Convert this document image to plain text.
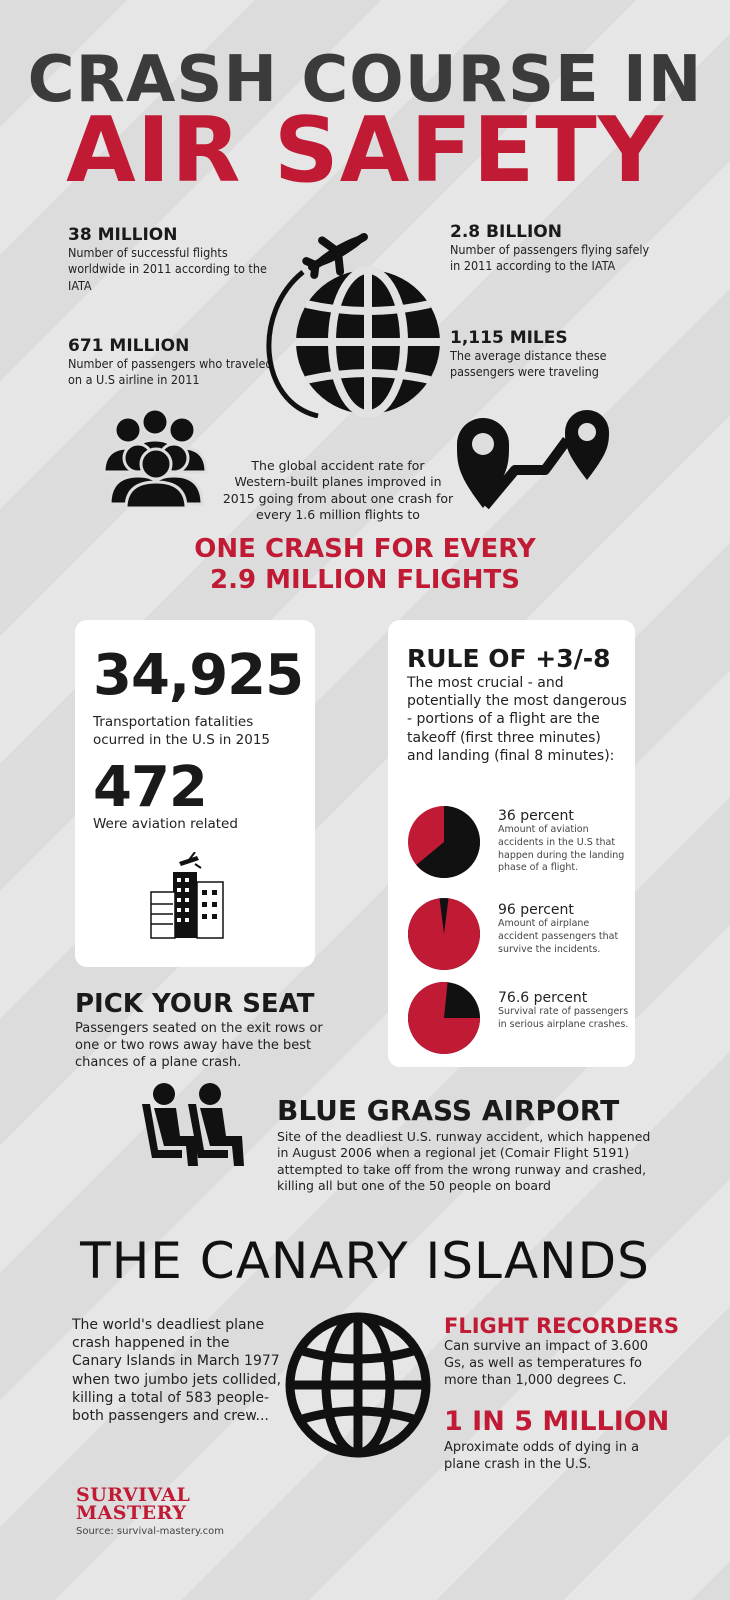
CRASH COURSE IN
AIR SAFETY
38 MILLION
Number of successful flights worldwide in 2011 according to the IATA
2.8 BILLION
Number of passengers flying safely in 2011 according to the IATA
671 MILLION
Number of passengers who traveled on a U.S airline in 2011
1,115 MILES
The average distance these passengers were traveling
The global accident rate for Western-built planes improved in 2015 going from about one crash for every 1.6 million flights to
ONE CRASH FOR EVERY
2.9 MILLION FLIGHTS
34,925
Transportation fatalities ocurred in the U.S in 2015
472
Were aviation related
RULE OF +3/-8
The most crucial - and potentially the most dangerous - portions of a flight are the takeoff (first three minutes) and landing (final 8 minutes):
36 percent
Amount of aviation accidents in the U.S that happen during the landing phase of a flight.
96 percent
Amount of airplane accident passengers that survive the incidents.
76.6 percent
Survival rate of passengers in serious airplane crashes.
PICK YOUR SEAT
Passengers seated on the exit rows or one or two rows away have the best chances of a plane crash.
BLUE GRASS AIRPORT
Site of the deadliest U.S. runway accident, which happened in August 2006 when a regional jet (Comair Flight 5191) attempted to take off from the wrong runway and crashed, killing all but one of the 50 people on board
THE CANARY ISLANDS
The world's deadliest plane crash happened in the Canary Islands in March 1977 when two jumbo jets collided, killing a total of 583 people-both passengers and crew...
FLIGHT RECORDERS
Can survive an impact of 3.600 Gs, as well as temperatures fo more than 1,000 degrees C.
1 IN 5 MILLION
Aproximate odds of dying in a plane crash in the U.S.
SURVIVAL
MASTERY
Source: survival-mastery.com
